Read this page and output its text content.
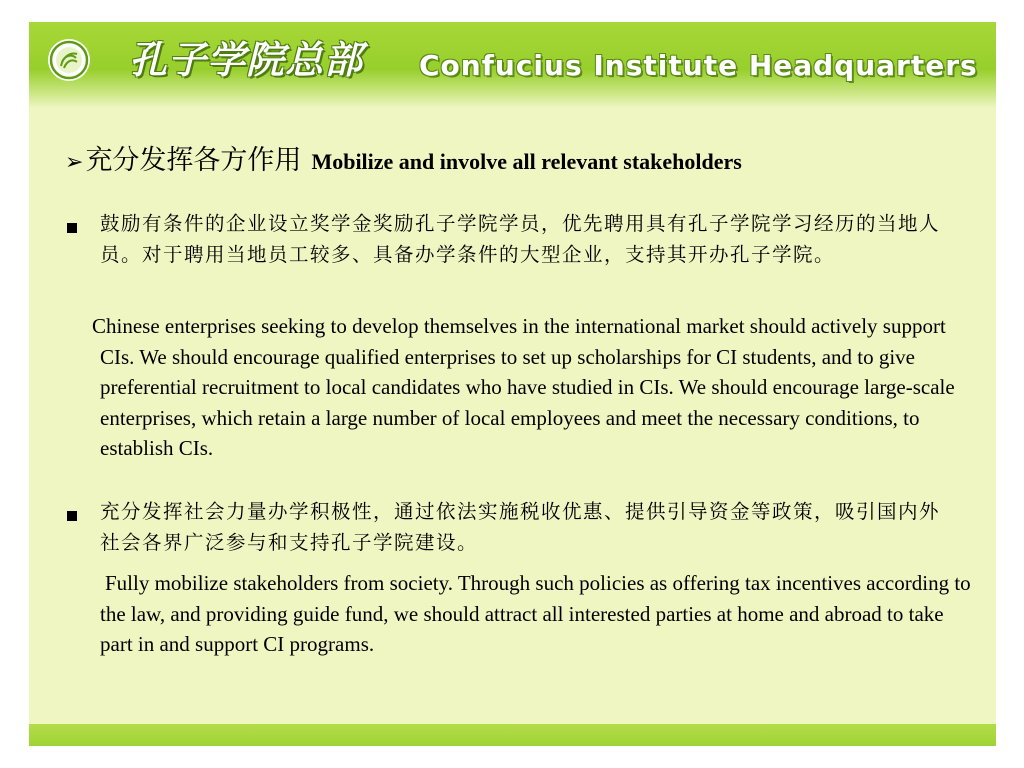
孔子学院总部 Confucius Institute Headquarters
➢ 充分发挥各方作用 Mobilize and involve all relevant stakeholders
鼓励有条件的企业设立奖学金奖励孔子学院学员，优先聘用具有孔子学院学习经历的当地人员。对于聘用当地员工较多、具备办学条件的大型企业，支持其开办孔子学院。
Chinese enterprises seeking to develop themselves in the international market should actively support CIs. We should encourage qualified enterprises to set up scholarships for CI students, and to give preferential recruitment to local candidates who have studied in CIs. We should encourage large-scale enterprises, which retain a large number of local employees and meet the necessary conditions, to establish CIs.
充分发挥社会力量办学积极性，通过依法实施税收优惠、提供引导资金等政策，吸引国内外社会各界广泛参与和支持孔子学院建设。
Fully mobilize stakeholders from society. Through such policies as offering tax incentives according to the law, and providing guide fund, we should attract all interested parties at home and abroad to take part in and support CI programs.
